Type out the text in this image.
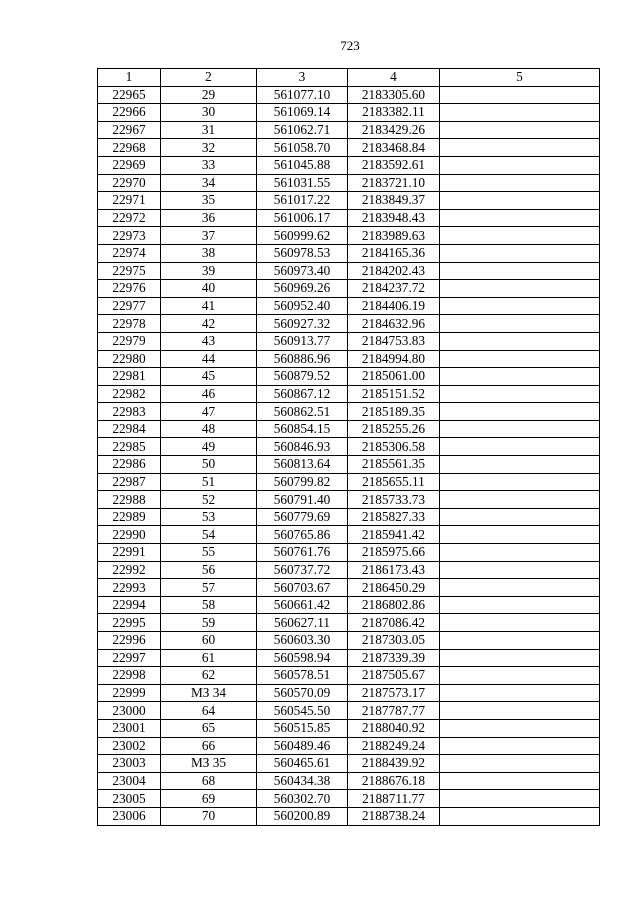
723
1	2	3	4	5
22965	29	561077.10	2183305.60	
22966	30	561069.14	2183382.11	
22967	31	561062.71	2183429.26	
22968	32	561058.70	2183468.84	
22969	33	561045.88	2183592.61	
22970	34	561031.55	2183721.10	
22971	35	561017.22	2183849.37	
22972	36	561006.17	2183948.43	
22973	37	560999.62	2183989.63	
22974	38	560978.53	2184165.36	
22975	39	560973.40	2184202.43	
22976	40	560969.26	2184237.72	
22977	41	560952.40	2184406.19	
22978	42	560927.32	2184632.96	
22979	43	560913.77	2184753.83	
22980	44	560886.96	2184994.80	
22981	45	560879.52	2185061.00	
22982	46	560867.12	2185151.52	
22983	47	560862.51	2185189.35	
22984	48	560854.15	2185255.26	
22985	49	560846.93	2185306.58	
22986	50	560813.64	2185561.35	
22987	51	560799.82	2185655.11	
22988	52	560791.40	2185733.73	
22989	53	560779.69	2185827.33	
22990	54	560765.86	2185941.42	
22991	55	560761.76	2185975.66	
22992	56	560737.72	2186173.43	
22993	57	560703.67	2186450.29	
22994	58	560661.42	2186802.86	
22995	59	560627.11	2187086.42	
22996	60	560603.30	2187303.05	
22997	61	560598.94	2187339.39	
22998	62	560578.51	2187505.67	
22999	МЗ 34	560570.09	2187573.17	
23000	64	560545.50	2187787.77	
23001	65	560515.85	2188040.92	
23002	66	560489.46	2188249.24	
23003	МЗ 35	560465.61	2188439.92	
23004	68	560434.38	2188676.18	
23005	69	560302.70	2188711.77	
23006	70	560200.89	2188738.24	
